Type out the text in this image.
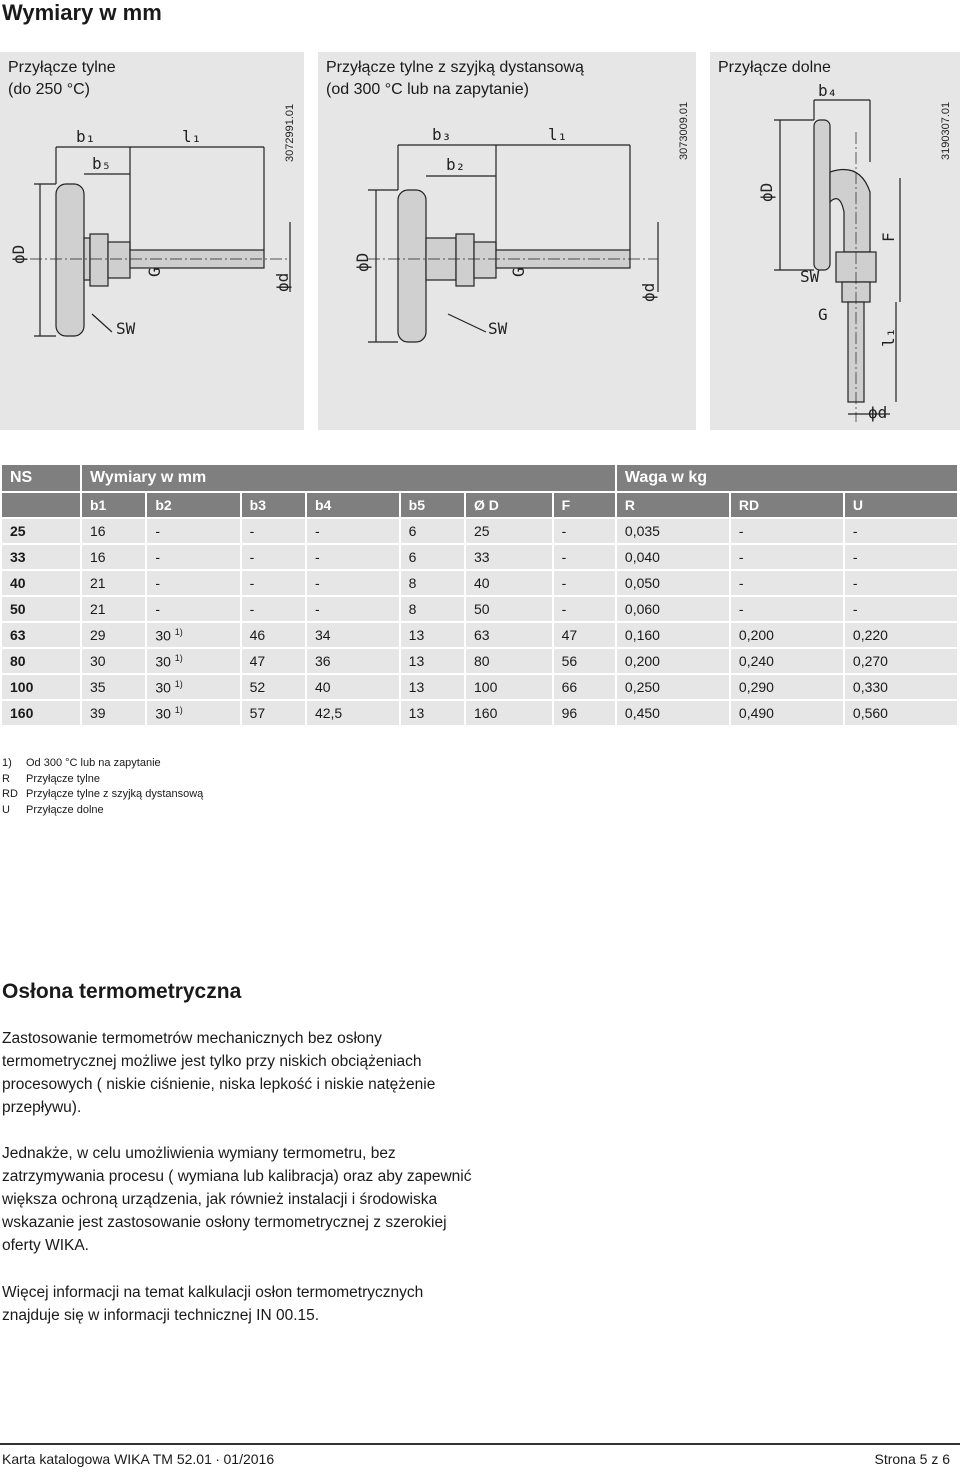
Wymiary w mm
Przyłącze tylne
(do 250 °C)
3072991.01
b₁
b₅
l₁
ϕD
G
ϕd
SW
Przyłącze tylne z szyjką dystansową
(od 300 °C lub na zapytanie)
3073009.01
b₃
b₂
l₁
ϕD
G
ϕd
SW
Przyłącze dolne
3190307.01
b₄
ϕD
F
SW
G
l₁
ϕd
NS	Wymiary w mm							Waga w kg		
	b1	b2	b3	b4	b5	Ø D	F	R	RD	U
25	16	-	-	-	6	25	-	0,035	-	-
33	16	-	-	-	6	33	-	0,040	-	-
40	21	-	-	-	8	40	-	0,050	-	-
50	21	-	-	-	8	50	-	0,060	-	-
63	29	30 $^{1)}$	46	34	13	63	47	0,160	0,200	0,220
80	30	30 $^{1)}$	47	36	13	80	56	0,200	0,240	0,270
100	35	30 $^{1)}$	52	40	13	100	66	0,250	0,290	0,330
160	39	30 $^{1)}$	57	42,5	13	160	96	0,450	0,490	0,560
1) Od 300 °C lub na zapytanie
R Przyłącze tylne
RD Przyłącze tylne z szyjką dystansową
U Przyłącze dolne
Osłona termometryczna
Zastosowanie termometrów mechanicznych bez osłony termometrycznej możliwe jest tylko przy niskich obciążeniach procesowych ( niskie ciśnienie, niska lepkość i niskie natężenie przepływu).
Jednakże, w celu umożliwienia wymiany termometru, bez zatrzymywania procesu ( wymiana lub kalibracja) oraz aby zapewnić większa ochroną urządzenia, jak również instalacji i środowiska wskazanie jest zastosowanie osłony termometrycznej z szerokiej oferty WIKA.
Więcej informacji na temat kalkulacji osłon termometrycznych znajduje się w informacji technicznej IN 00.15.
Karta katalogowa WIKA TM 52.01 ∙ 01/2016	Strona 5 z 6
